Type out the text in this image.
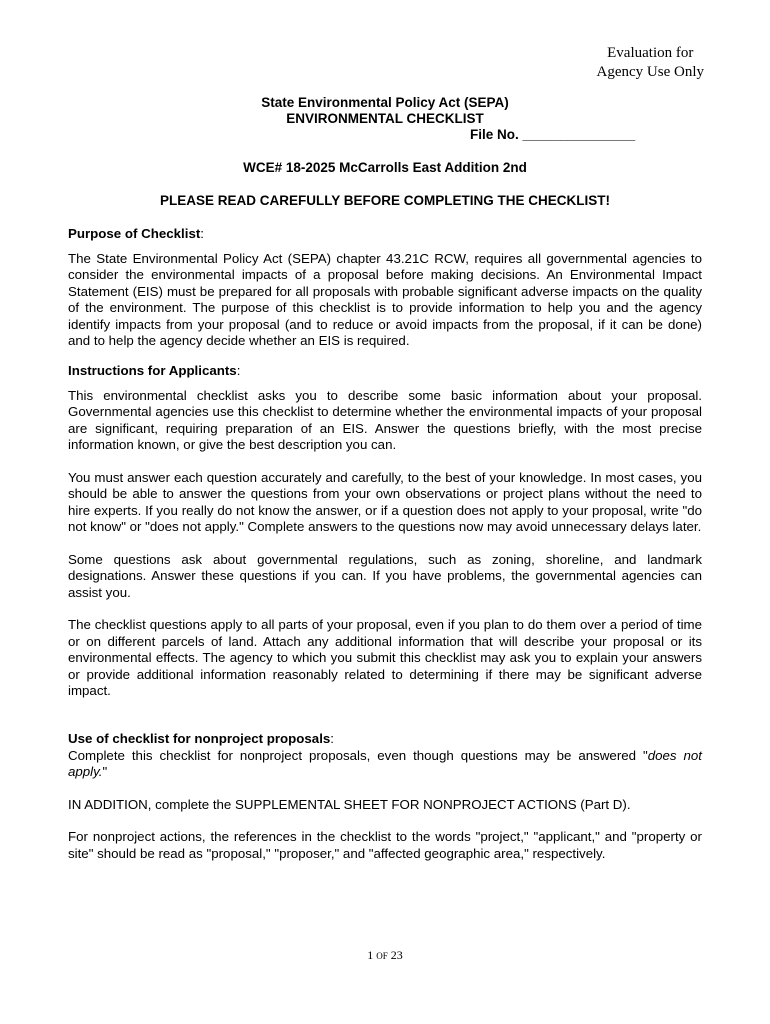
Evaluation for
Agency Use Only
State Environmental Policy Act (SEPA)
ENVIRONMENTAL CHECKLIST
File No. _______________
WCE# 18-2025 McCarrolls East Addition 2nd
PLEASE READ CAREFULLY BEFORE COMPLETING THE CHECKLIST!
Purpose of Checklist:
The State Environmental Policy Act (SEPA) chapter 43.21C RCW, requires all governmental agencies to consider the environmental impacts of a proposal before making decisions. An Environmental Impact Statement (EIS) must be prepared for all proposals with probable significant adverse impacts on the quality of the environment. The purpose of this checklist is to provide information to help you and the agency identify impacts from your proposal (and to reduce or avoid impacts from the proposal, if it can be done) and to help the agency decide whether an EIS is required.
Instructions for Applicants:
This environmental checklist asks you to describe some basic information about your proposal. Governmental agencies use this checklist to determine whether the environmental impacts of your proposal are significant, requiring preparation of an EIS. Answer the questions briefly, with the most precise information known, or give the best description you can.
You must answer each question accurately and carefully, to the best of your knowledge. In most cases, you should be able to answer the questions from your own observations or project plans without the need to hire experts. If you really do not know the answer, or if a question does not apply to your proposal, write "do not know" or "does not apply." Complete answers to the questions now may avoid unnecessary delays later.
Some questions ask about governmental regulations, such as zoning, shoreline, and landmark designations. Answer these questions if you can. If you have problems, the governmental agencies can assist you.
The checklist questions apply to all parts of your proposal, even if you plan to do them over a period of time or on different parcels of land. Attach any additional information that will describe your proposal or its environmental effects. The agency to which you submit this checklist may ask you to explain your answers or provide additional information reasonably related to determining if there may be significant adverse impact.
Use of checklist for nonproject proposals:
Complete this checklist for nonproject proposals, even though questions may be answered "does not apply."
IN ADDITION, complete the SUPPLEMENTAL SHEET FOR NONPROJECT ACTIONS (Part D).
For nonproject actions, the references in the checklist to the words "project," "applicant," and "property or site" should be read as "proposal," "proposer," and "affected geographic area," respectively.
1 OF 23
